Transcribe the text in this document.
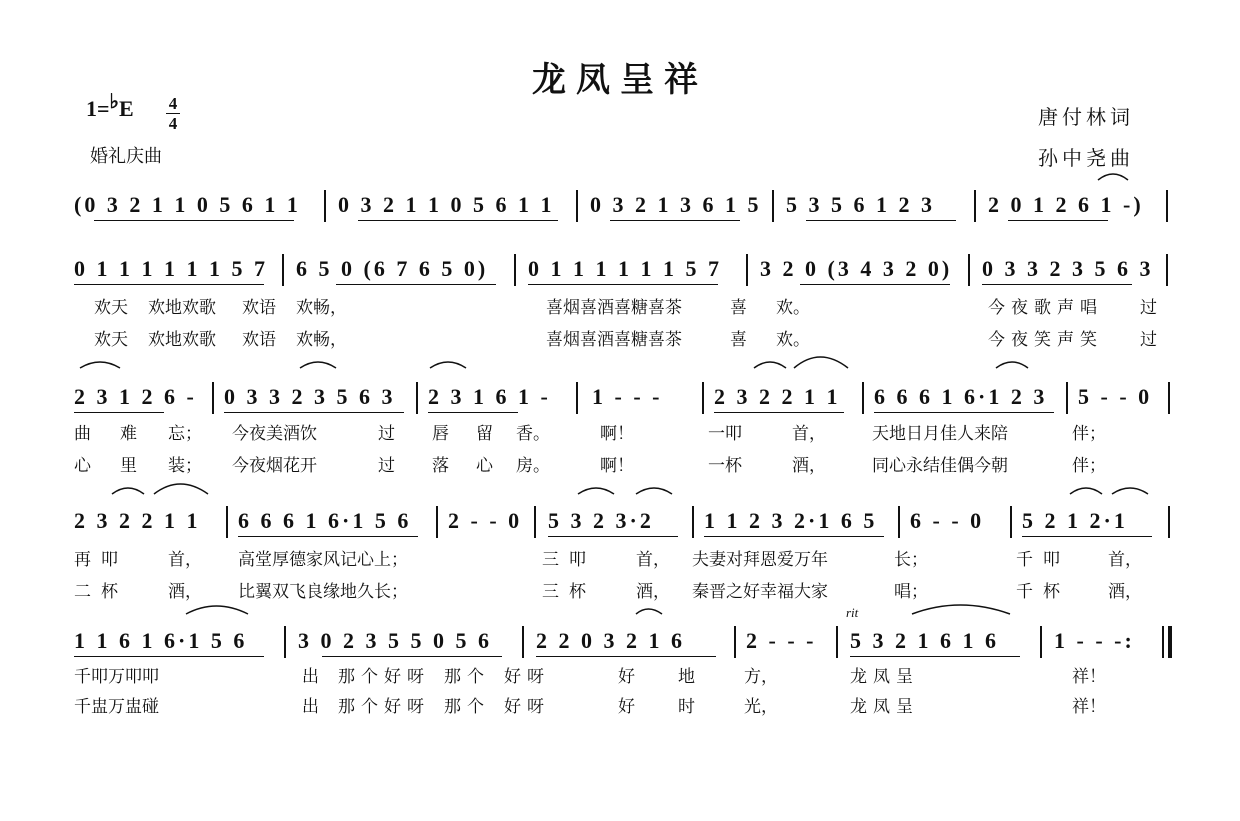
龙凤呈祥
1=♭E 4
4
婚礼庆曲
唐付林词
孙中尧曲
(0 3 2 1 1 0 5 6 1 1 0 3 2 1 1 0 5 6 1 1 0 3 2 1 3 6 1 5 5 3 5 6 1 2 3 2 0 1 2 6 1 -)
0 1 1 1 1 1 1 5 7 6 5 0 (6 7 6 5 0) 0 1 1 1 1 1 1 5 7 3 2 0 (3 4 3 2 0) 0 3 3 2 3 5 6 3

欢天

欢地欢歌

欢语

欢畅，

	喜烟喜酒喜糖喜茶

	喜

欢。

	今夜歌声唱

过

欢天

欢地欢歌

欢语

欢畅，

	喜烟喜酒喜糖喜茶

	喜

欢。

	今夜笑声笑

过

2 3 1 2 6 - 0 3 3 2 3 5 6 3 2 3 1 6 1 - 1 - - - 2 3 2 2 1 1 6 6 6 1 6·1 2 3 5 - - 0

曲

难

忘；

今夜美酒饮

	过

唇

留

香。

	啊！

	一叩

	首，

	天地日月佳人来陪

	伴；

心

里

装；

今夜烟花开

	过

落

心

房。

	啊！

	一杯

	酒，

	同心永结佳偶今朝

	伴；

2 3 2 2 1 1 6 6 6 1 6·1 5 6 2 - - 0 5 3 2 3·2 1 1 2 3 2·1 6 5 6 - - 0 5 2 1 2·1

再叩

首，

高堂厚德家风记心上；

	三叩

首，

夫妻对拜恩爱万年

	长；

	千叩

首，

二杯

酒，

比翼双飞良缘地久长；

	三杯

酒，

秦晋之好幸福大家

	唱；

	千杯

酒，

1 1 6 1 6·1 5 6 3 0 2 3 5 5 0 5 6 2 2 0 3 2 1 6	2 - - - 5 3 2 1 6 1 6	1 - - -:
rit

千叩万叩叩

	出

那个好呀

那个

好呀

	好

	地

	方，

	龙凤呈

	祥！

千盅万盅碰

	出

那个好呀

那个

好呀

	好

	时

	光，

	龙凤呈

	祥！
